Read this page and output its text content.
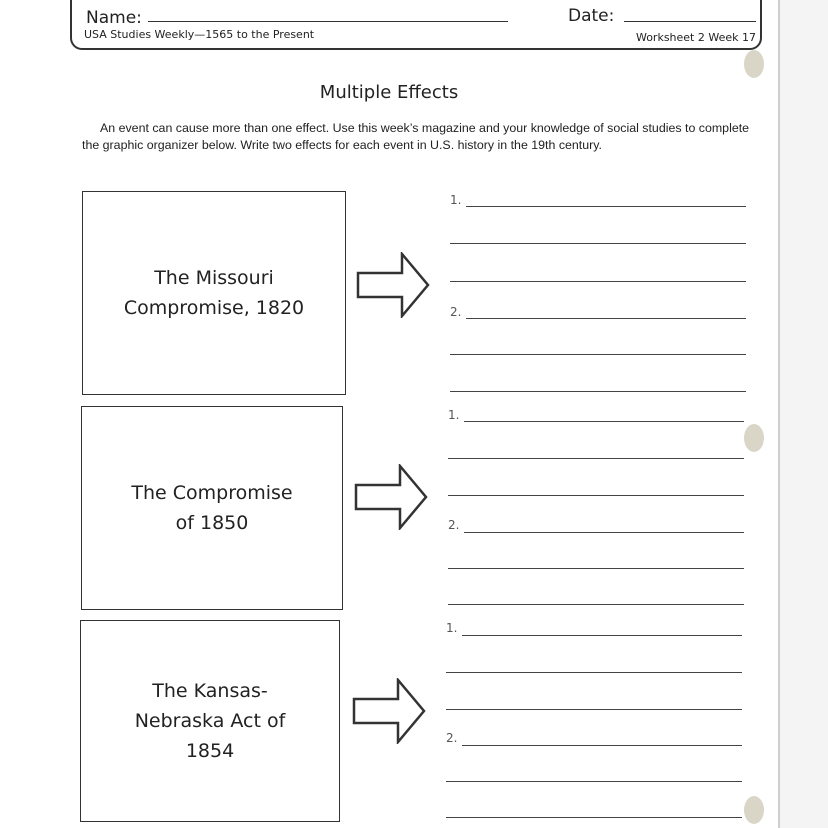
Name:	Date:
USA Studies Weekly—1565 to the Present	Worksheet 2 Week 17
Multiple Effects
An event can cause more than one effect. Use this week’s magazine and your knowledge of social studies to complete the graphic organizer below. Write two effects for each event in U.S. history in the 19th century.
The Missouri
Compromise, 1820
1.
2.
The Compromise
of 1850
1.
2.
The Kansas-
Nebraska Act of
1854
1.
2.
